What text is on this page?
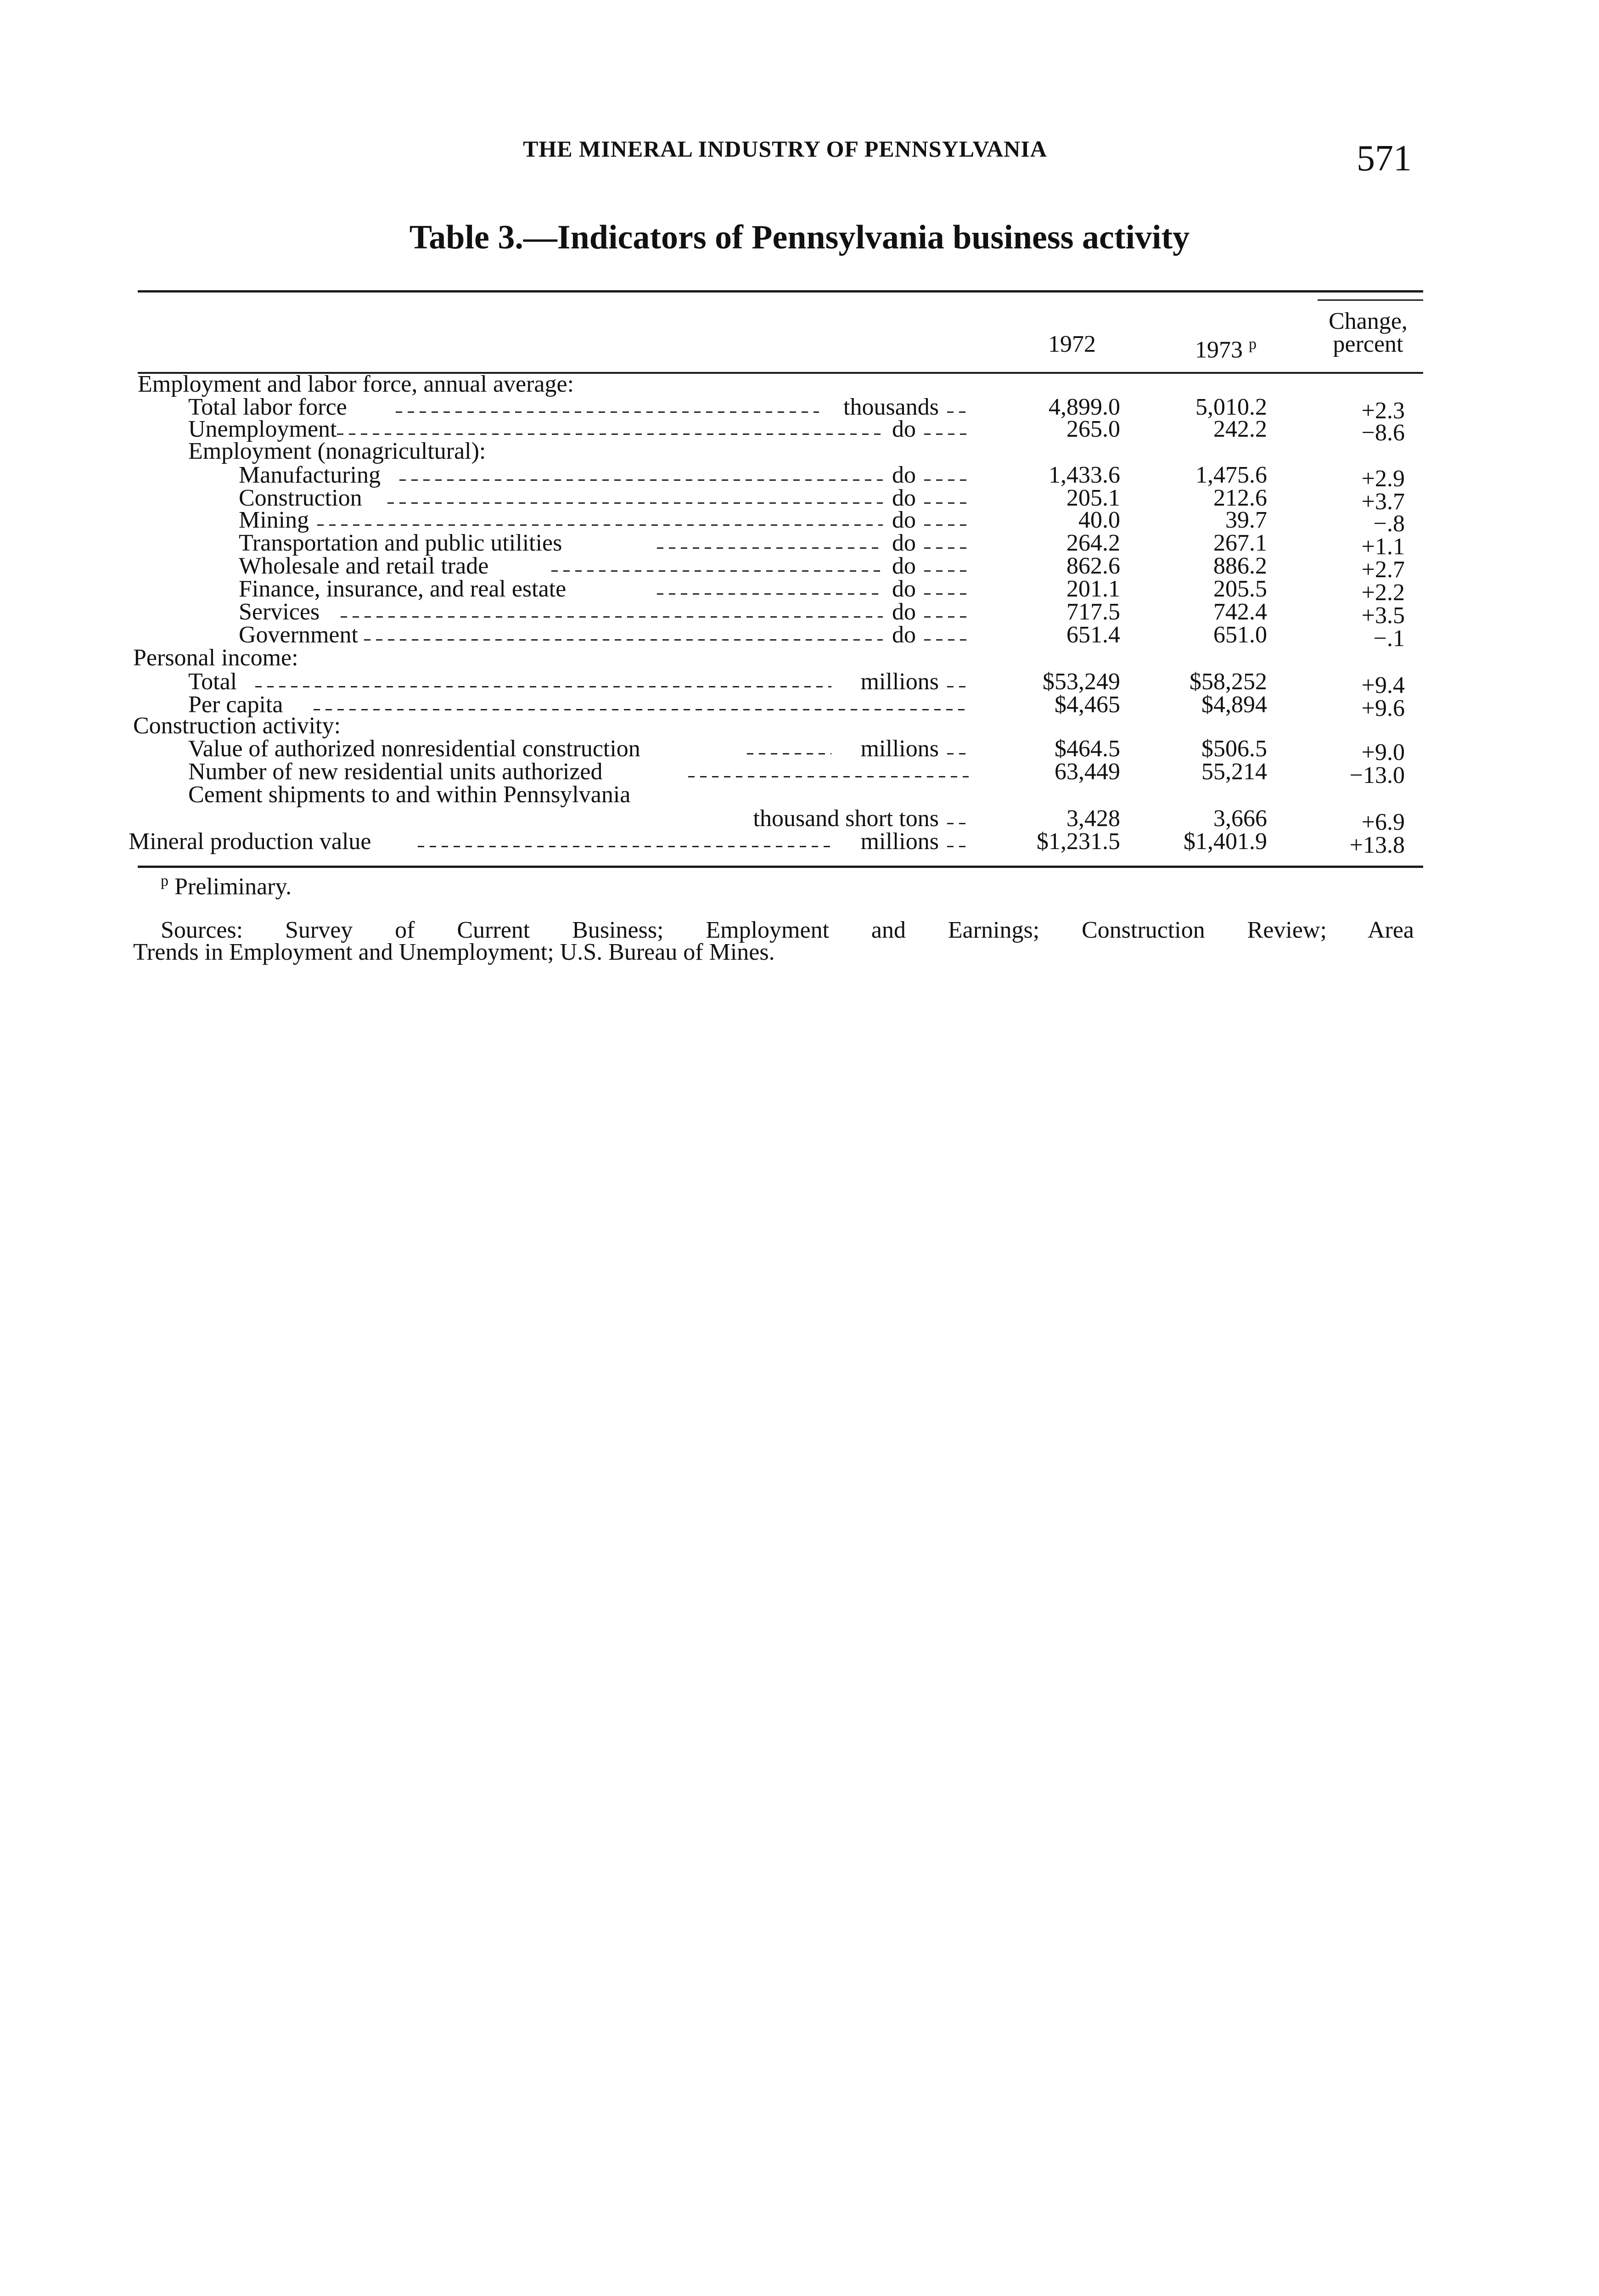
THE MINERAL INDUSTRY OF PENNSYLVANIA	571
Table 3.—Indicators of Pennsylvania business activity
1972	1973 $^p$
Change,
percent
Employment and labor force, annual average:
Total labor force	thousands	4,899.0	5,010.2	+2.3
Unemployment	do	265.0	242.2	−8.6
Employment (nonagricultural):
Manufacturing	do	1,433.6	1,475.6	+2.9
Construction	do	205.1	212.6	+3.7
Mining	do	40.0	39.7	−.8
Transportation and public utilities	do	264.2	267.1	+1.1
Wholesale and retail trade	do	862.6	886.2	+2.7
Finance, insurance, and real estate	do	201.1	205.5	+2.2
Services	do	717.5	742.4	+3.5
Government	do	651.4	651.0	−.1
Personal income:
Total	millions	$53,249	$58,252	+9.4
Per capita	$4,465	$4,894	+9.6
Construction activity:
Value of authorized nonresidential construction	millions	$464.5	$506.5	+9.0
Number of new residential units authorized	63,449	55,214	−13.0
Cement shipments to and within Pennsylvania
thousand short tons	3,428	3,666	+6.9
Mineral production value	millions	$1,231.5	$1,401.9	+13.8
$^p$ Preliminary.
Sources: Survey of Current Business; Employment and Earnings; Construction Review; Area
Trends in Employment and Unemployment; U.S. Bureau of Mines.
